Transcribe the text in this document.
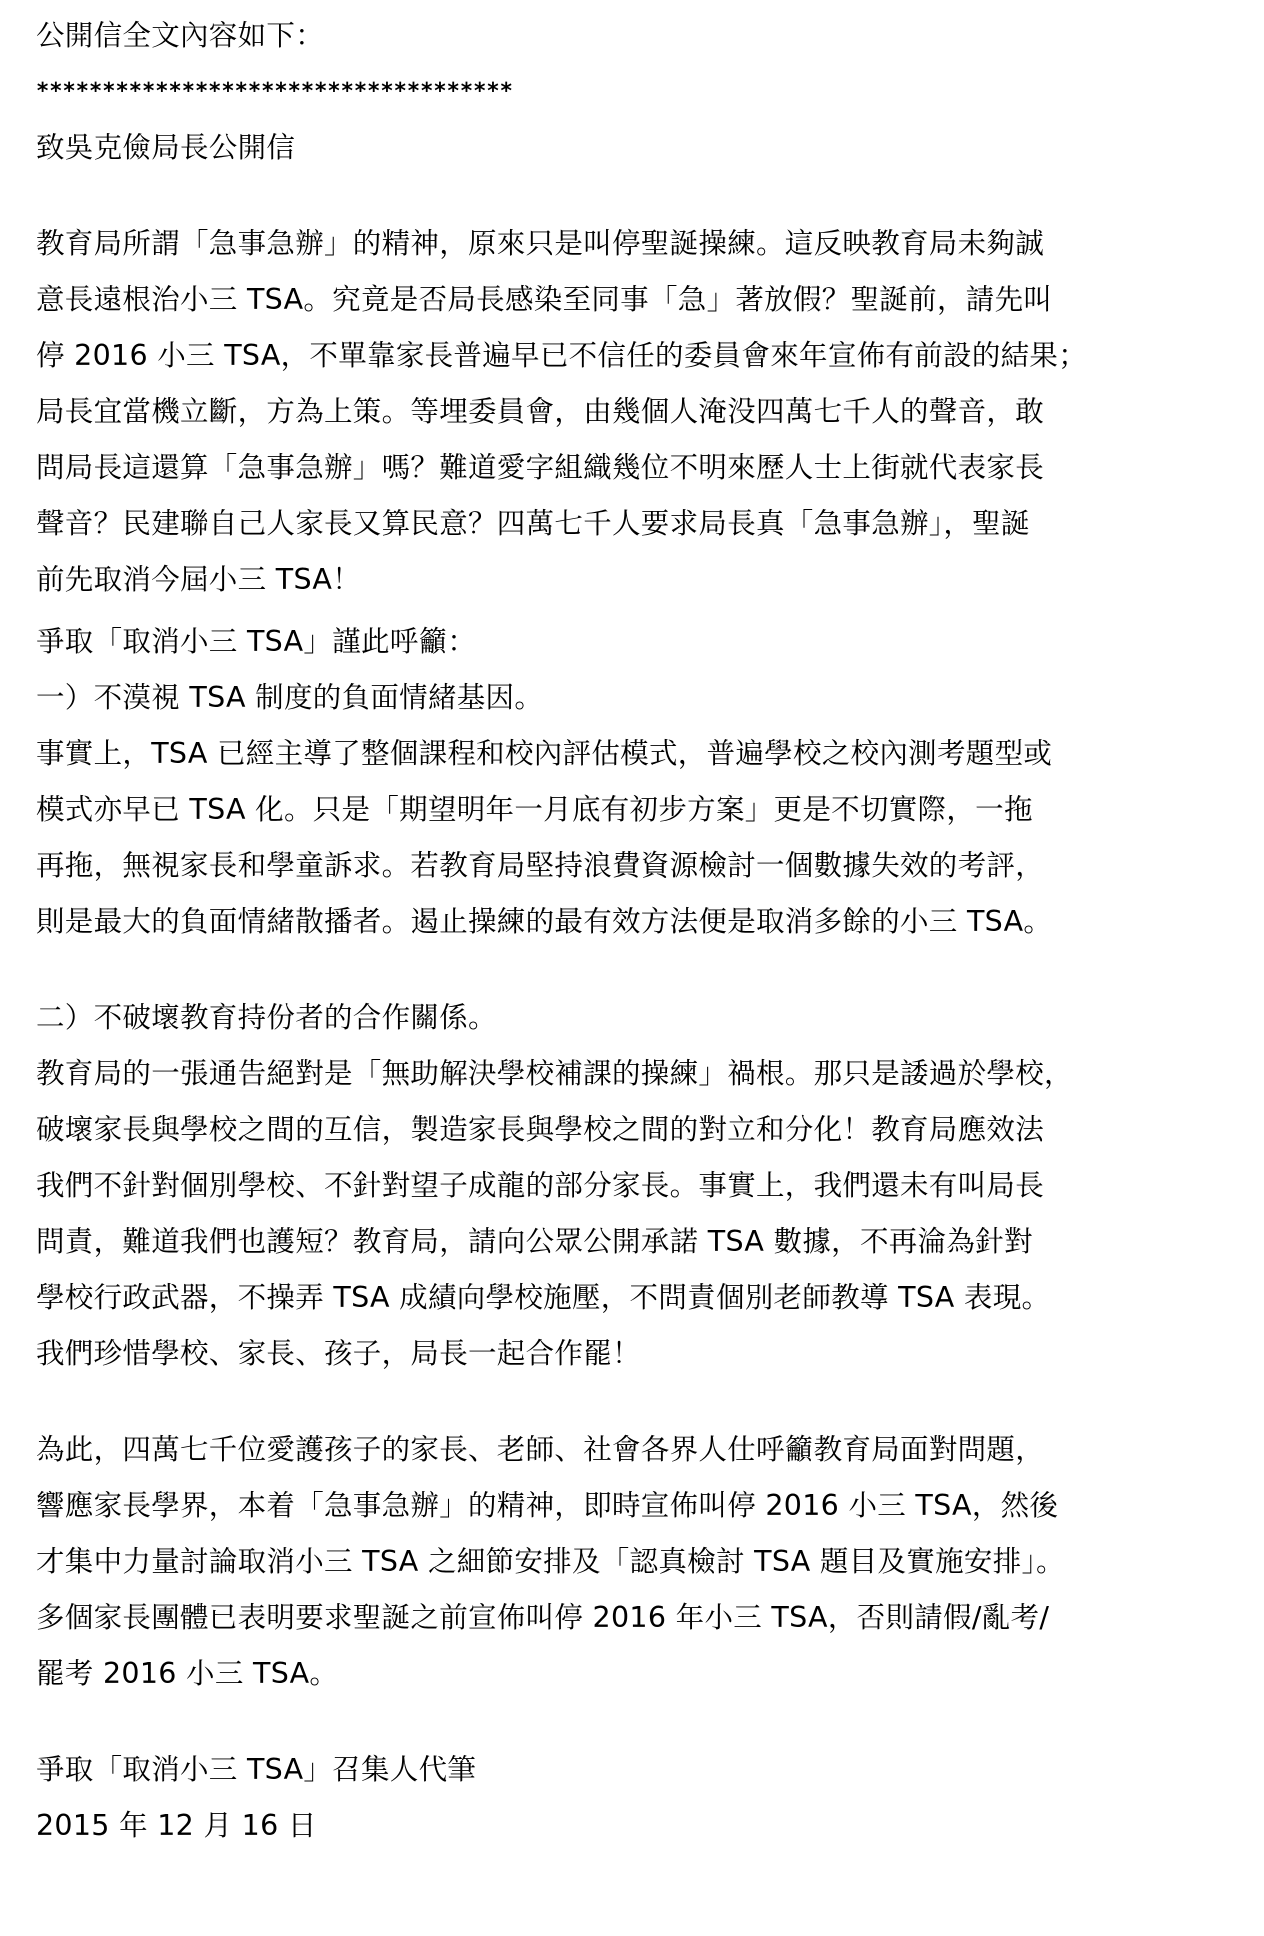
公開信全文內容如下：
************************************
致吳克儉局長公開信
教育局所謂「急事急辦」的精神，原來只是叫停聖誕操練。這反映教育局未夠誠
意長遠根治小三 TSA。究竟是否局長感染至同事「急」著放假？聖誕前，請先叫
停 2016 小三 TSA，不單靠家長普遍早已不信任的委員會來年宣佈有前設的結果；
局長宜當機立斷，方為上策。等埋委員會，由幾個人淹没四萬七千人的聲音，敢
問局長這還算「急事急辦」嗎？難道愛字組織幾位不明來歷人士上街就代表家長
聲音？民建聯自己人家長又算民意？四萬七千人要求局長真「急事急辦」，聖誕
前先取消今屆小三 TSA！
爭取「取消小三 TSA」謹此呼籲：
一）不漠視 TSA 制度的負面情緒基因。
事實上，TSA 已經主導了整個課程和校內評估模式，普遍學校之校內測考題型或
模式亦早已 TSA 化。只是「期望明年一月底有初步方案」更是不切實際，一拖
再拖，無視家長和學童訴求。若教育局堅持浪費資源檢討一個數據失效的考評，
則是最大的負面情緒散播者。遏止操練的最有效方法便是取消多餘的小三 TSA。
二）不破壞教育持份者的合作關係。
教育局的一張通告絕對是「無助解決學校補課的操練」禍根。那只是諉過於學校，
破壞家長與學校之間的互信，製造家長與學校之間的對立和分化！教育局應效法
我們不針對個別學校、不針對望子成龍的部分家長。事實上，我們還未有叫局長
問責，難道我們也護短？教育局，請向公眾公開承諾 TSA 數據，不再淪為針對
學校行政武器，不操弄 TSA 成績向學校施壓，不問責個別老師教導 TSA 表現。
我們珍惜學校、家長、孩子，局長一起合作罷！
為此，四萬七千位愛護孩子的家長、老師、社會各界人仕呼籲教育局面對問題，
響應家長學界，本着「急事急辦」的精神，即時宣佈叫停 2016 小三 TSA，然後
才集中力量討論取消小三 TSA 之細節安排及「認真檢討 TSA 題目及實施安排」。
多個家長團體已表明要求聖誕之前宣佈叫停 2016 年小三 TSA，否則請假/亂考/
罷考 2016 小三 TSA。
爭取「取消小三 TSA」召集人代筆
2015 年 12 月 16 日
